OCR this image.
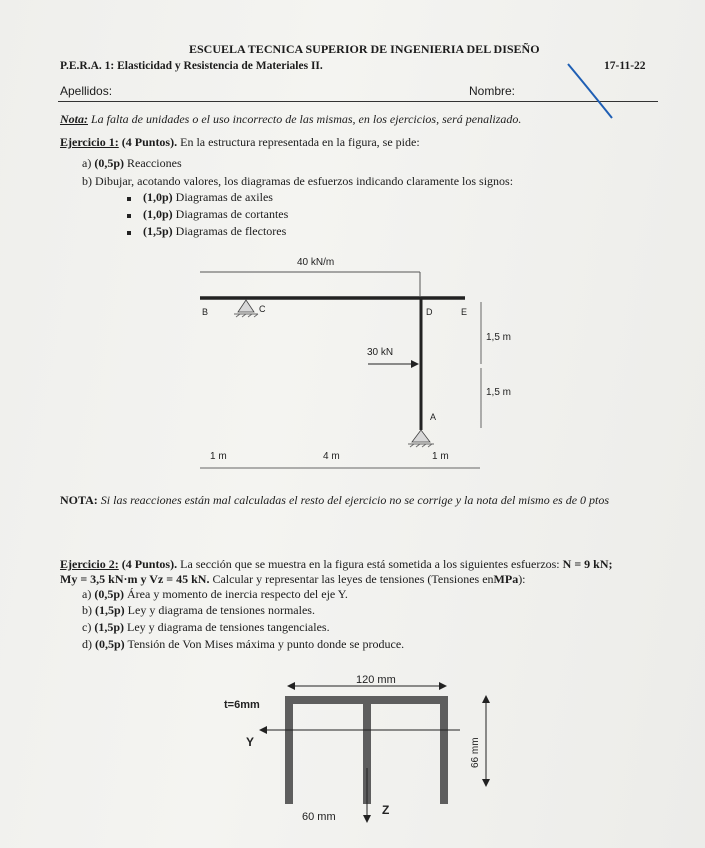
ESCUELA TECNICA SUPERIOR DE INGENIERIA DEL DISEÑO
P.E.R.A. 1: Elasticidad y Resistencia de Materiales II.	17-11-22
Apellidos:	Nombre:
Nota: La falta de unidades o el uso incorrecto de las mismas, en los ejercicios, será penalizado.
Ejercicio 1: (4 Puntos). En la estructura representada en la figura, se pide:
a) (0,5p) Reacciones
b) Dibujar, acotando valores, los diagramas de esfuerzos indicando claramente los signos:
(1,0p) Diagramas de axiles
(1,0p) Diagramas de cortantes
(1,5p) Diagramas de flectores
40 kN/m
B	C	D	E
A
30 kN
1,5 m
1,5 m
1 m	4 m	1 m
NOTA: Si las reacciones están mal calculadas el resto del ejercicio no se corrige y la nota del mismo es de 0 ptos
Ejercicio 2: (4 Puntos). La sección que se muestra en la figura está sometida a los siguientes esfuerzos: N = 9 kN;
My = 3,5 kN·m y Vz = 45 kN. Calcular y representar las leyes de tensiones (Tensiones enMPa):
a) (0,5p) Área y momento de inercia respecto del eje Y.
b) (1,5p) Ley y diagrama de tensiones normales.
c) (1,5p) Ley y diagrama de tensiones tangenciales.
d) (0,5p) Tensión de Von Mises máxima y punto donde se produce.
120 mm
t=6mm
Y
Z
66 mm
60 mm
